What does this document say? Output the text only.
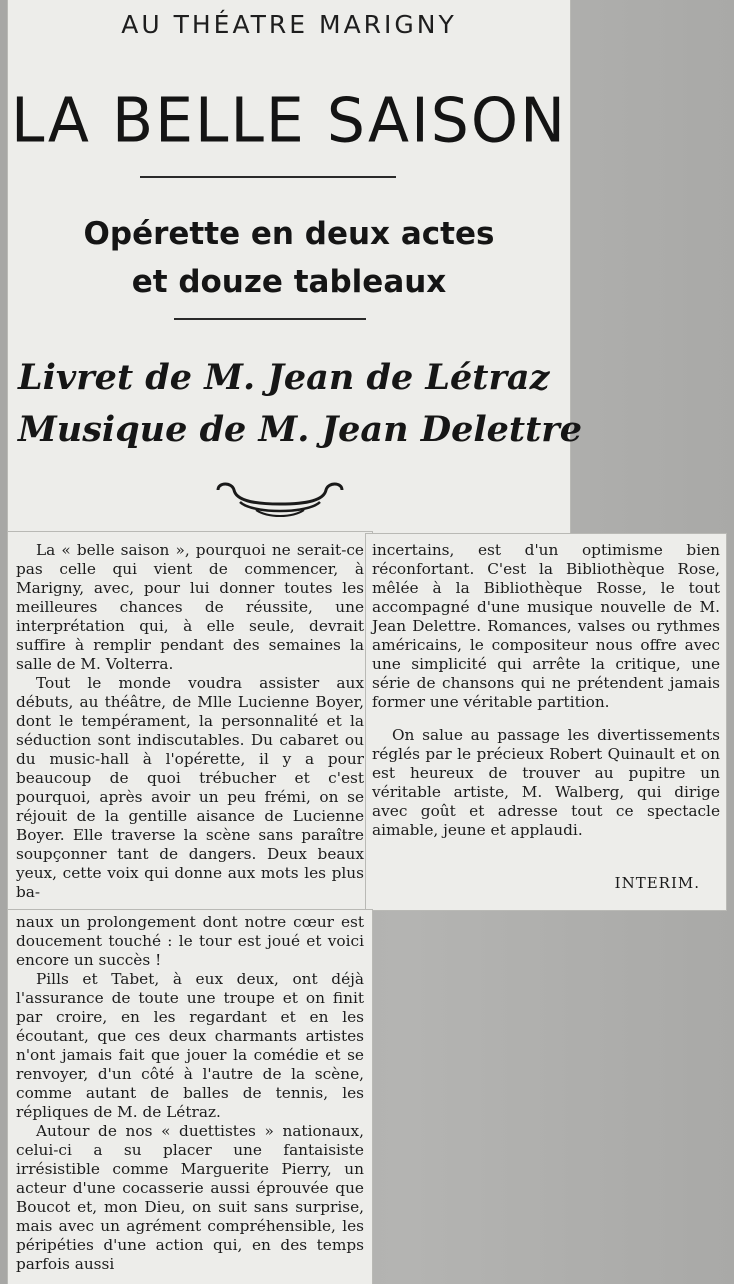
AU THÉATRE MARIGNY
LA BELLE SAISON
Opérette en deux actes
et douze tableaux
Livret de M. Jean de Létraz
Musique de M. Jean Delettre

La « belle saison », pourquoi ne serait-ce pas celle qui vient de commencer, à Marigny, avec, pour lui donner toutes les meilleures chances de réussite, une interprétation qui, à elle seule, devrait suffire à remplir pendant des semaines la salle de M. Volterra.

Tout le monde voudra assister aux débuts, au théâtre, de Mlle Lucienne Boyer, dont le tempérament, la personnalité et la séduction sont indiscutables. Du cabaret ou du music-hall à l'opérette, il y a pour beaucoup de quoi trébucher et c'est pourquoi, après avoir un peu frémi, on se réjouit de la gentille aisance de Lucienne Boyer. Elle traverse la scène sans paraître soupçonner tant de dangers. Deux beaux yeux, cette voix qui donne aux mots les plus ba-

incertains, est d'un optimisme bien réconfortant. C'est la Bibliothèque Rose, mêlée à la Bibliothèque Rosse, le tout accompagné d'une musique nouvelle de M. Jean Delettre. Romances, valses ou rythmes américains, le compositeur nous offre avec une simplicité qui arrête la critique, une série de chansons qui ne prétendent jamais former une véritable partition.

On salue au passage les divertissements réglés par le précieux Robert Quinault et on est heureux de trouver au pupitre un véritable artiste, M. Walberg, qui dirige avec goût et adresse tout ce spectacle aimable, jeune et applaudi.

INTERIM.

naux un prolongement dont notre cœur est doucement touché : le tour est joué et voici encore un succès !

Pills et Tabet, à eux deux, ont déjà l'assurance de toute une troupe et on finit par croire, en les regardant et en les écoutant, que ces deux charmants artistes n'ont jamais fait que jouer la comédie et se renvoyer, d'un côté à l'autre de la scène, comme autant de balles de tennis, les répliques de M. de Létraz.

Autour de nos « duettistes » nationaux, celui-ci a su placer une fantaisiste irrésistible comme Marguerite Pierry, un acteur d'une cocasserie aussi éprouvée que Boucot et, mon Dieu, on suit sans surprise, mais avec un agrément compréhensible, les péripéties d'une action qui, en des temps parfois aussi
